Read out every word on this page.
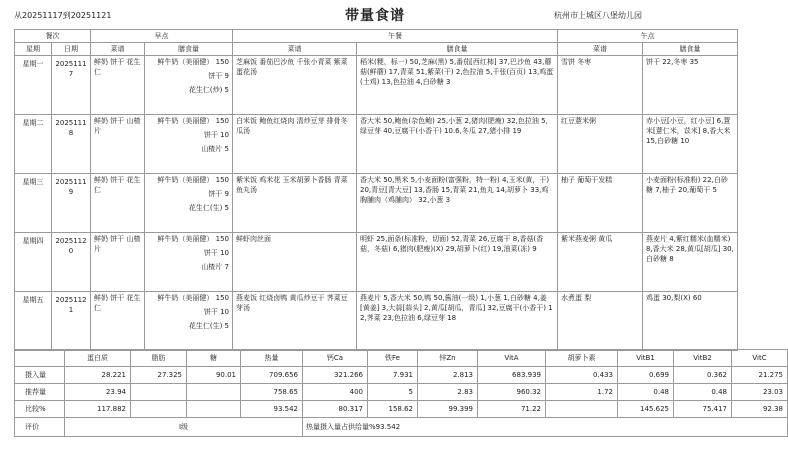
从20251117到20251121	带量食谱	杭州市上城区八堡幼儿园
餐次		早点		午餐		午点	
星期	日期	菜谱	膳食量	菜谱	膳食量	菜谱	膳食量
星期一	20251117	鲜奶 饼干 花生仁	鲜牛奶（美丽健） 150
饼干 9
花生仁(炒) 5	芝麻饭 番茄巴沙鱼 千张小青菜 紫菜蛋花汤	稻米(粳，标一) 50,芝麻(黑) 5,番茄[西红柿] 37,巴沙鱼 43,蘑菇(鲜蘑) 17,青菜 51,紫菜(干) 2,色拉油 5,千张(百页) 13,鸡蛋(土鸡) 13,色拉油 4,白砂糖 3	雪饼 冬枣	饼干 22,冬枣 35
星期二	20251118	鲜奶 饼干 山楂片	鲜牛奶（美丽健） 150
饼干 10
山楂片 5	白米饭 鲍鱼红烧肉 清炒豆芽 排骨冬瓜汤	香大米 50,鲍鱼(杂色鲍) 25,小葱 2,猪肉(肥瘦) 32,色拉油 5,绿豆芽 40,豆腐干(小香干) 10.6,冬瓜 27,猪小排 19	红豆薏米粥	赤小豆[小豆，红小豆] 6,薏米[薏仁米，苡米] 8,香大米 15,白砂糖 10
星期三	20251119	鲜奶 饼干 花生仁	鲜牛奶（美丽健） 150
饼干 9
花生仁(生) 5	紫米饭 鸡米花 玉米胡萝卜香肠 青菜鱼丸汤	香大米 50,黑米 5,小麦面粉(富强粉，特一粉) 4,玉米(黄，干) 20,青豆[青大豆] 13,香肠 15,青菜 21,鱼丸 14,胡萝卜 33,鸡胸脯肉（鸡脯肉） 32,小葱 3	柚子 葡萄干发糕	小麦面粉(标准粉) 22,白砂糖 7,柚子 20,葡萄干 5
星期四	20251120	鲜奶 饼干 山楂片	鲜牛奶（美丽健） 150
饼干 10
山楂片 7	鲜虾肉丝面	明虾 25,面条(标准粉，切面) 52,青菜 26,豆腐干 8,香菇(香菇，冬菇) 6,猪肉(肥瘦)(X) 29,胡萝卜(红) 19,油菜(冻) 9	紫米燕麦粥 黄瓜	燕麦片 4,紫红糯米(血糯米) 8,香大米 28,黄瓜[胡瓜] 30,白砂糖 8
星期五	20251121	鲜奶 饼干 花生仁	鲜牛奶（美丽健） 150
饼干 10
花生仁(生) 5	燕麦饭 红烧卤鸭 黄瓜炒豆干 荠菜豆芽汤	燕麦片 5,香大米 50,鸭 50,酱油(一级) 1,小葱 1,白砂糖 4,姜[黄姜] 3,大蒜[蒜头] 2,黄瓜[胡瓜，青瓜] 32,豆腐干(小香干) 12,荠菜 23,色拉油 6,绿豆芽 18	水煮蛋 梨	鸡蛋 30,梨(X) 60
	蛋白质	脂肪	糖	热量	钙Ca	铁Fe	锌Zn	VitA	胡萝卜素	VitB1	VitB2	VitC
摄入量	28.221	27.325	90.01	709.656	321.266	7.931	2.813	683.939	0.433	0.699	0.362	21.275
推荐量	23.94			758.65	400	5	2.83	960.32	1.72	0.48	0.48	23.03
比较%	117.882			93.542	80.317	158.62	99.399	71.22		145.625	75.417	92.38
评价	I级				热量摄入量占供给量%93.542							
